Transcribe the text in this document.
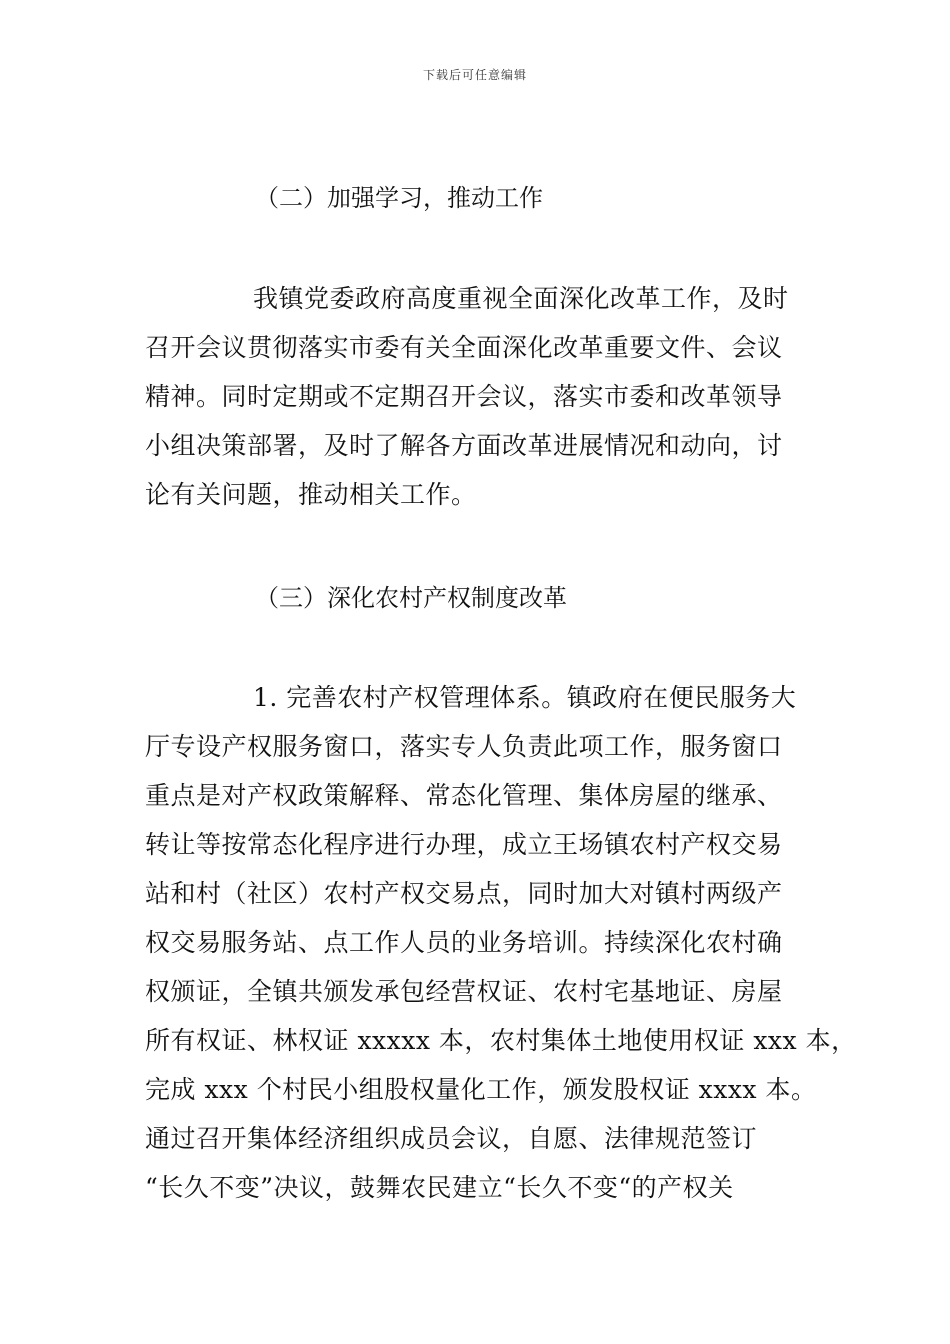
下载后可任意编辑
（二）加强学习，推动工作
我镇党委政府高度重视全面深化改革工作，及时
召开会议贯彻落实市委有关全面深化改革重要文件、会议
精神。同时定期或不定期召开会议，落实市委和改革领导
小组决策部署，及时了解各方面改革进展情况和动向，讨
论有关问题，推动相关工作。
（三）深化农村产权制度改革
1. 完善农村产权管理体系。镇政府在便民服务大
厅专设产权服务窗口，落实专人负责此项工作，服务窗口
重点是对产权政策解释、常态化管理、集体房屋的继承、
转让等按常态化程序进行办理，成立王场镇农村产权交易
站和村（社区）农村产权交易点，同时加大对镇村两级产
权交易服务站、点工作人员的业务培训。持续深化农村确
权颁证，全镇共颁发承包经营权证、农村宅基地证、房屋
所有权证、林权证 xxxxx 本，农村集体土地使用权证 xxx 本，
完成 xxx 个村民小组股权量化工作，颁发股权证 xxxx 本。
通过召开集体经济组织成员会议，自愿、法律规范签订
“长久不变”决议，鼓舞农民建立“长久不变“的产权关
